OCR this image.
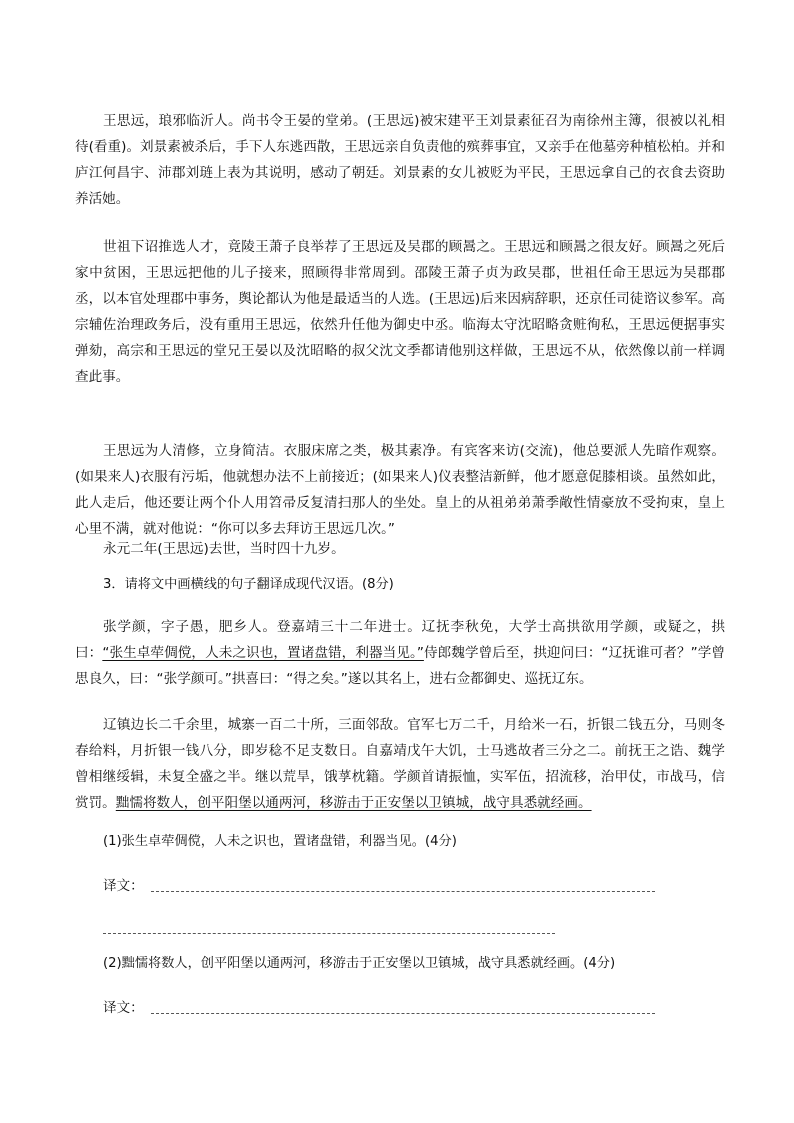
王思远，琅邪临沂人。尚书令王晏的堂弟。(王思远)被宋建平王刘景素征召为南徐州主簿，很被以礼相待(看重)。刘景素被杀后，手下人东逃西散，王思远亲自负责他的殡葬事宜，又亲手在他墓旁种植松柏。并和庐江何昌宇、沛郡刘琏上表为其说明，感动了朝廷。刘景素的女儿被贬为平民，王思远拿自己的衣食去资助养活她。

世祖下诏推选人才，竟陵王萧子良举荐了王思远及吴郡的顾暠之。王思远和顾暠之很友好。顾暠之死后家中贫困，王思远把他的儿子接来，照顾得非常周到。邵陵王萧子贞为政吴郡，世祖任命王思远为吴郡郡丞，以本官处理郡中事务，舆论都认为他是最适当的人选。(王思远)后来因病辞职，还京任司徒谘议参军。高宗辅佐治理政务后，没有重用王思远，依然升任他为御史中丞。临海太守沈昭略贪赃徇私，王思远便据事实弹劾，高宗和王思远的堂兄王晏以及沈昭略的叔父沈文季都请他别这样做，王思远不从，依然像以前一样调查此事。

王思远为人清修，立身简洁。衣服床席之类，极其素净。有宾客来访(交流)，他总要派人先暗作观察。(如果来人)衣服有污垢，他就想办法不上前接近；(如果来人)仪表整洁新鲜，他才愿意促膝相谈。虽然如此，此人走后，他还要让两个仆人用笤帚反复清扫那人的坐处。皇上的从祖弟弟萧季敞性情豪放不受拘束，皇上心里不满，就对他说：“你可以多去拜访王思远几次。”

永元二年(王思远)去世，当时四十九岁。

3．请将文中画横线的句子翻译成现代汉语。(8分)

张学颜，字子愚，肥乡人。登嘉靖三十二年进士。辽抚李秋免，大学士高拱欲用学颜，或疑之，拱曰：“张生卓荦倜傥，人未之识也，置诸盘错，利器当见。”侍郎魏学曾后至，拱迎问曰：“辽抚谁可者？”学曾思良久，曰：“张学颜可。”拱喜曰：“得之矣。”遂以其名上，进右佥都御史、巡抚辽东。

辽镇边长二千余里，城寨一百二十所，三面邻敌。官军七万二千，月给米一石，折银二钱五分，马则冬春给料，月折银一钱八分，即岁稔不足支数日。自嘉靖戊午大饥，士马逃故者三分之二。前抚王之诰、魏学曾相继绥辑，未复全盛之半。继以荒旱，饿莩枕籍。学颜首请振恤，实军伍，招流移，治甲仗，市战马，信赏罚。黜懦将数人，创平阳堡以通两河，移游击于正安堡以卫镇城，战守具悉就经画。

(1)张生卓荦倜傥，人未之识也，置诸盘错，利器当见。(4分)

译文：

(2)黜懦将数人，创平阳堡以通两河，移游击于正安堡以卫镇城，战守具悉就经画。(4分)

译文：
